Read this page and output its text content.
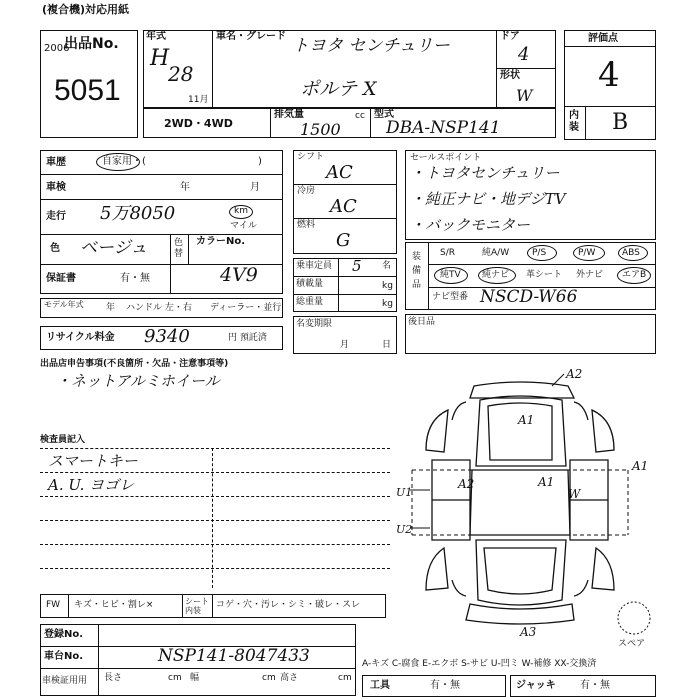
(複合機)対応用紙
出品No.
2006
5051
年式
H
28
11月
車名・グレード トヨタ センチュリー
ポルテ X
ドア
4
形状
W
2WD・4WD
排気量	cc
1500
型式
DBA-NSP141
評価点
4
内装 B
車歴	自家用・(	)
車検	年	月
走行 5万8050	km
マイル
色 ベージュ	色替
カラーNo.
4V9
保証書	有・無
モデル年式 年 ハンドル 左・右 ディーラー・並行
リサイクル料金 9340	円 預託済
シフト
AC
冷房
AC
燃料
G
乗車定員 5 名
積載量	kg
総重量	kg
名変期限
月	日
セールスポイント
・トヨタセンチュリー
・純正ナビ・地デジTV
・バックモニター
装備品
S/R	純A/W	P/S	P/W	ABS
純TV 純ナビ 革シート 外ナビ エアB
ナビ型番 NSCD-W66
後日品
出品店申告事項(不良箇所・欠品・注意事項等)
・ネットアルミホイール
検査員記入
スマートキー
A. U. ヨゴレ
A2
A1
A2
U1
A1
U2
W
A1
A3
スペア
FW キズ・ヒビ・割レ×	シート内装
コゲ・穴・汚レ・シミ・破レ・スレ
登録No.
車台No.	NSP141-8047433
車検証用用 長さ	cm 幅	cm 高さ	cm
A-キズ C-腐食 E-エクボ S-サビ U-凹ミ W-補修 XX-交換済
工具	有・無	ジャッキ 有・無
